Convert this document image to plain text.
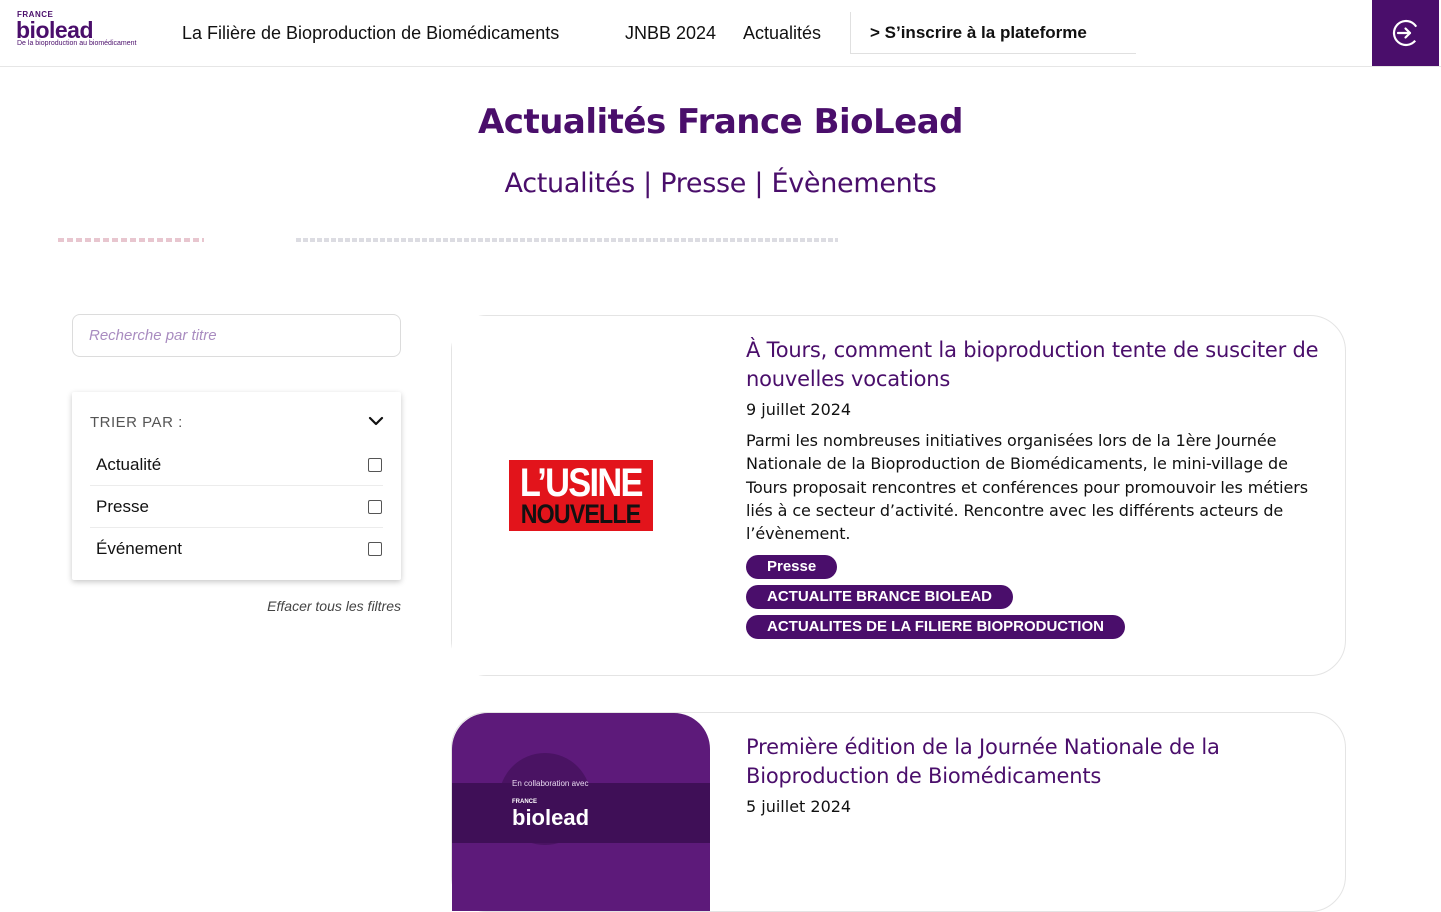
FRANCE
biolead
De la bioproduction au biomédicament
La Filière de Bioproduction de Biomédicaments	JNBB 2024 Actualités	> S’inscrire à la plateforme
Actualités France BioLead
Actualités | Presse | Évènements
Recherche par titre
TRIER PAR :
Actualité
Presse
Événement
Effacer tous les filtres
L’USINE
NOUVELLE
À Tours, comment la bioproduction tente de susciter de nouvelles vocations
9 juillet 2024
Parmi les nombreuses initiatives organisées lors de la 1ère Journée Nationale de la Bioproduction de Biomédicaments, le mini-village de Tours proposait rencontres et conférences pour promouvoir les métiers liés à ce secteur d’activité. Rencontre avec les différents acteurs de l’évènement.
Presse
ACTUALITE BRANCE BIOLEAD
ACTUALITES DE LA FILIERE BIOPRODUCTION
En collaboration avec
FRANCE
biolead
Première édition de la Journée Nationale de la Bioproduction de Biomédicaments
5 juillet 2024
